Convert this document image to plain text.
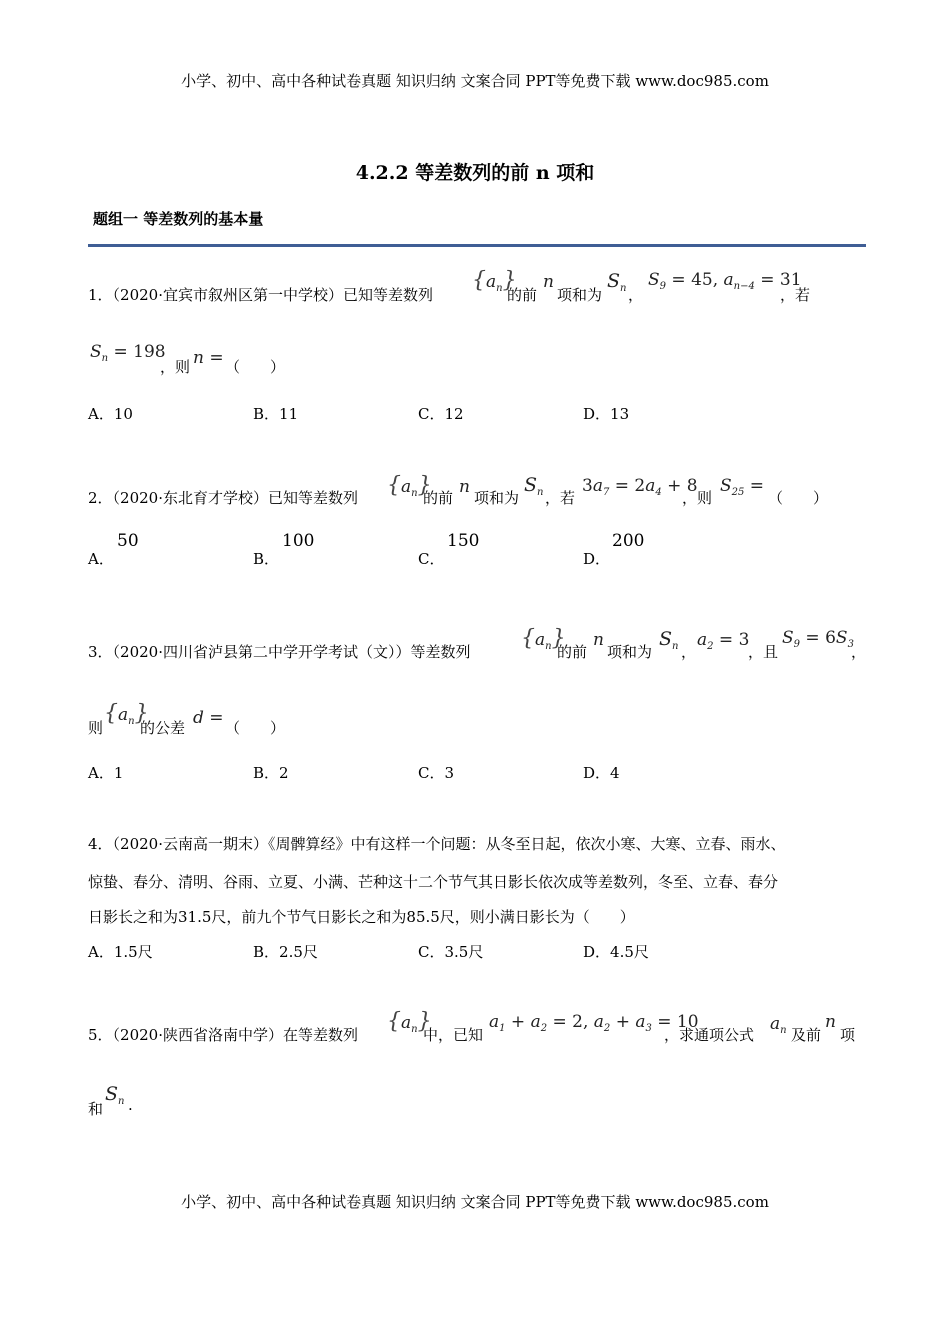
小学、初中、高中各种试卷真题 知识归纳 文案合同 PPT等免费下载 www.doc985.com
4.2.2 等差数列的前 n 项和
题组一 等差数列的基本量
1．（2020·宜宾市叙州区第一中学校）已知等差数列
$\{a_n\}$
的前
n
项和为
$S_n$ ，
$S_9 = 45$, $a_{n-4} = 31$
，若
$S_n = 198$
，则 n = （　　）
A．10	B．11	C．12	D．13
2．（2020·东北育才学校）已知等差数列 $\{a_n\}$
的前
n
项和为
$S_n$ ，若
$3a_7 = 2a_4 + 8$
，则
$S_{25}$ =
（　　）
A．
50
B．
100
C．
150
D．
200
3．（2020·四川省泸县第二中学开学考试（文））等差数列
$\{a_n\}$
的前
n
项和为
$S_n$ ，
$a_2 = 3$
，且
$S_9 = 6S_3$
，
则
$\{a_n\}$
的公差 d = （　　）
A．1	B．2	C．3	D．4
4．（2020·云南高一期末）《周髀算经》中有这样一个问题：从冬至日起，依次小寒、大寒、立春、雨水、
惊蛰、春分、清明、谷雨、立夏、小满、芒种这十二个节气其日影长依次成等差数列，冬至、立春、春分
日影长之和为31.5尺，前九个节气日影长之和为85.5尺，则小满日影长为（　　）
A．1.5尺	B．2.5尺	C．3.5尺	D．4.5尺
5．（2020·陕西省洛南中学）在等差数列
$\{a_n\}$
中，已知
$a_1 + a_2 = 2$, $a_2 + a_3 = 10$
，求通项公式
$a_n$ 及前
n
项
和
$S_n$ .
小学、初中、高中各种试卷真题 知识归纳 文案合同 PPT等免费下载 www.doc985.com
